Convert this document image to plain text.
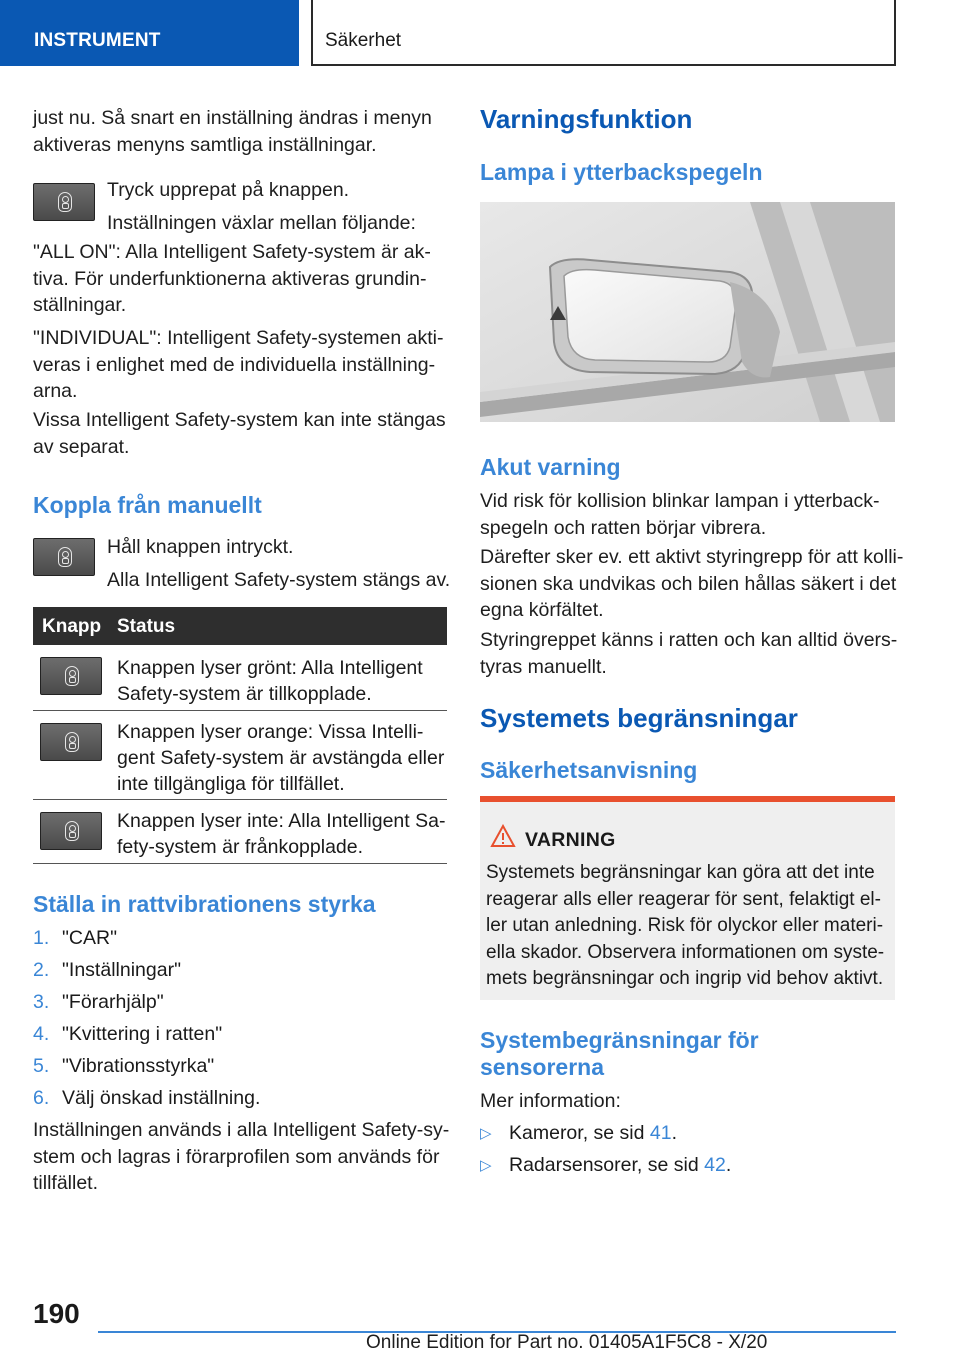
INSTRUMENT	Säkerhet
just nu. Så snart en inställning ändras i menyn
aktiveras menyns samtliga inställningar.
Tryck upprepat på knappen.
Inställningen växlar mellan följande:
"ALL ON": Alla Intelligent Safety-system är ak-
tiva. För underfunktionerna aktiveras grundin-
ställningar.
"INDIVIDUAL": Intelligent Safety-systemen akti-
veras i enlighet med de individuella inställning-
arna.
Vissa Intelligent Safety-system kan inte stängas
av separat.
Koppla från manuellt
Håll knappen intryckt.
Alla Intelligent Safety-system stängs av.
Knapp Status
Knappen lyser grönt: Alla Intelligent
Safety-system är tillkopplade.
Knappen lyser orange: Vissa Intelli-
gent Safety-system är avstängda eller
inte tillgängliga för tillfället.
Knappen lyser inte: Alla Intelligent Sa-
fety-system är frånkopplade.
Ställa in rattvibrationens styrka
1. "CAR"
2. "Inställningar"
3. "Förarhjälp"
4. "Kvittering i ratten"
5. "Vibrationsstyrka"
6. Välj önskad inställning.
Inställningen används i alla Intelligent Safety-sy-
stem och lagras i förarprofilen som används för
tillfället.
Varningsfunktion
Lampa i ytterbackspegeln
Akut varning
Vid risk för kollision blinkar lampan i ytterback-
spegeln och ratten börjar vibrera.
Därefter sker ev. ett aktivt styringrepp för att kolli-
sionen ska undvikas och bilen hållas säkert i det
egna körfältet.
Styringreppet känns i ratten och kan alltid övers-
tyras manuellt.
Systemets begränsningar
Säkerhetsanvisning
VARNING
Systemets begränsningar kan göra att det inte
reagerar alls eller reagerar för sent, felaktigt el-
ler utan anledning. Risk för olyckor eller materi-
ella skador. Observera informationen om syste-
mets begränsningar och ingrip vid behov aktivt.
Systembegränsningar för
sensorerna
Mer information:
▷ Kameror, se sid 41.
▷ Radarsensorer, se sid 42.
190
Online Edition for Part no. 01405A1F5C8 - X/20
